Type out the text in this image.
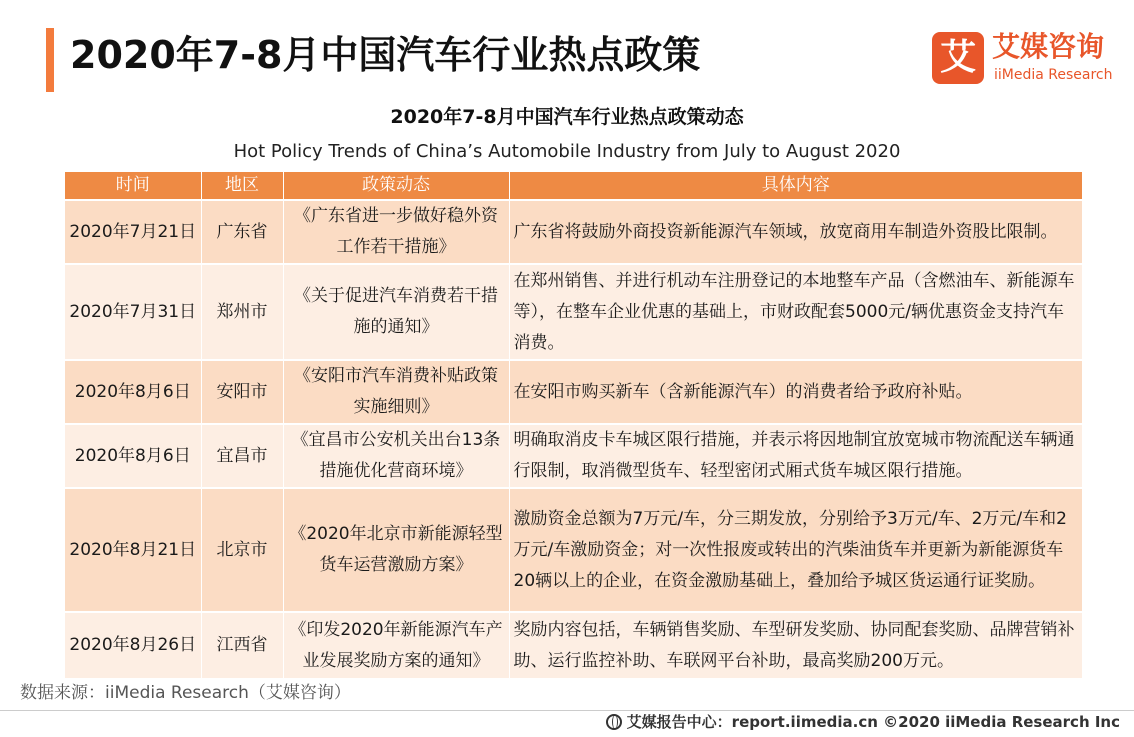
2020年7-8月中国汽车行业热点政策	艾 艾媒咨询
iiMedia Research
2020年7-8月中国汽车行业热点政策动态
Hot Policy Trends of China’s Automobile Industry from July to August 2020
时间	地区	政策动态	具体内容
2020年7月21日	广东省	《广东省进一步做好稳外资工作若干措施》	广东省将鼓励外商投资新能源汽车领域，放宽商用车制造外资股比限制。
2020年7月31日	郑州市	《关于促进汽车消费若干措施的通知》	在郑州销售、并进行机动车注册登记的本地整车产品（含燃油车、新能源车等），在整车企业优惠的基础上，市财政配套5000元/辆优惠资金支持汽车消费。
2020年8月6日	安阳市	《安阳市汽车消费补贴政策实施细则》	在安阳市购买新车（含新能源汽车）的消费者给予政府补贴。
2020年8月6日	宜昌市	《宜昌市公安机关出台13条措施优化营商环境》	明确取消皮卡车城区限行措施，并表示将因地制宜放宽城市物流配送车辆通行限制，取消微型货车、轻型密闭式厢式货车城区限行措施。
2020年8月21日	北京市	《2020年北京市新能源轻型货车运营激励方案》	激励资金总额为7万元/车，分三期发放，分别给予3万元/车、2万元/车和2万元/车激励资金；对一次性报废或转出的汽柴油货车并更新为新能源货车20辆以上的企业，在资金激励基础上，叠加给予城区货运通行证奖励。
2020年8月26日	江西省	《印发2020年新能源汽车产业发展奖励方案的通知》	奖励内容包括，车辆销售奖励、车型研发奖励、协同配套奖励、品牌营销补助、运行监控补助、车联网平台补助，最高奖励200万元。
数据来源：iiMedia Research（艾媒咨询）
艾媒报告中心：report.iimedia.cn ©2020 iiMedia Research Inc
